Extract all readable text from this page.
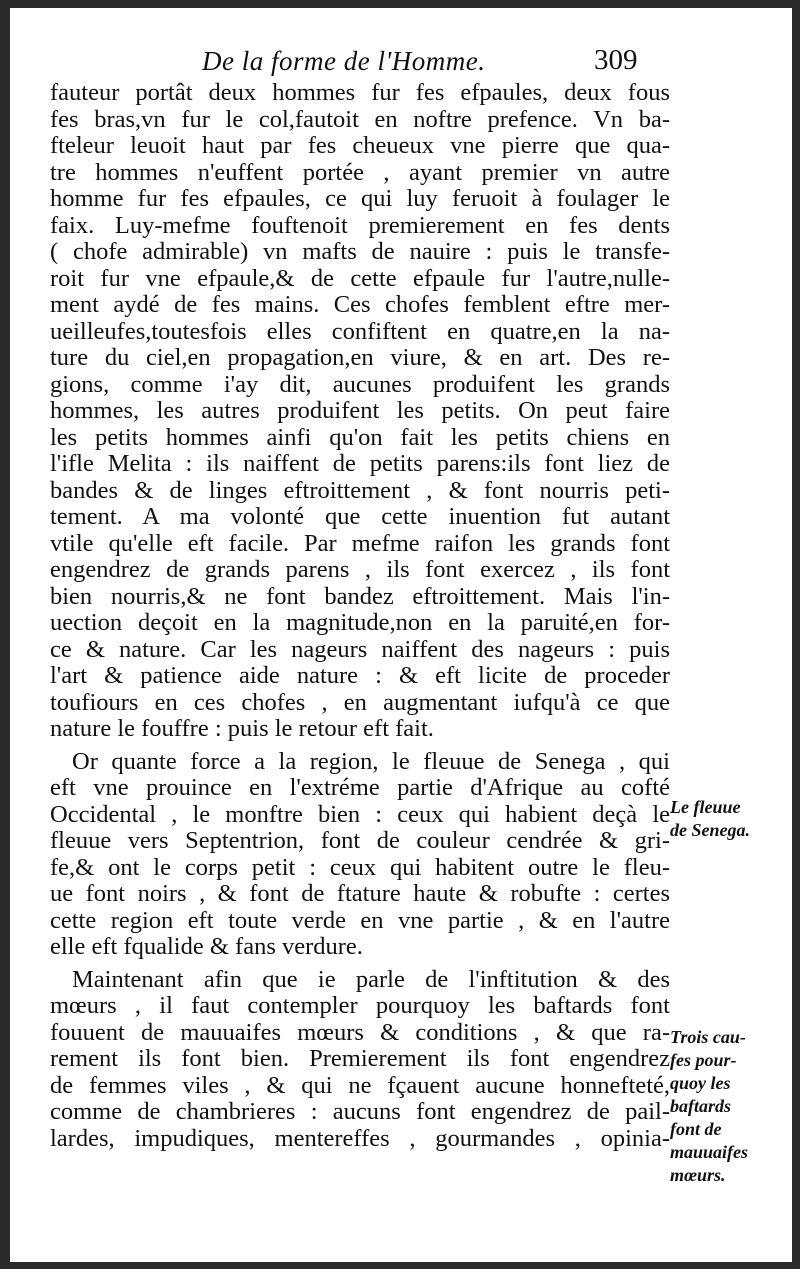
De la forme de l'Homme.	309
fauteur portât deux hommes fur fes efpaules, deux fous
fes bras,vn fur le col,fautoit en noftre prefence. Vn ba-
fteleur leuoit haut par fes cheueux vne pierre que qua-
tre hommes n'euffent portée , ayant premier vn autre
homme fur fes efpaules, ce qui luy feruoit à foulager le
faix. Luy-mefme fouftenoit premierement en fes dents
( chofe admirable) vn mafts de nauire : puis le transfe-
roit fur vne efpaule,& de cette efpaule fur l'autre,nulle-
ment aydé de fes mains. Ces chofes femblent eftre mer-
ueilleufes,toutesfois elles confiftent en quatre,en la na-
ture du ciel,en propagation,en viure, & en art. Des re-
gions, comme i'ay dit, aucunes produifent les grands
hommes, les autres produifent les petits. On peut faire
les petits hommes ainfi qu'on fait les petits chiens en
l'ifle Melita : ils naiffent de petits parens:ils font liez de
bandes & de linges eftroittement , & font nourris peti-
tement. A ma volonté que cette inuention fut autant
vtile qu'elle eft facile. Par mefme raifon les grands font
engendrez de grands parens , ils font exercez , ils font
bien nourris,& ne font bandez eftroittement. Mais l'in-
uection deçoit en la magnitude,non en la paruité,en for-
ce & nature. Car les nageurs naiffent des nageurs : puis
l'art & patience aide nature : & eft licite de proceder
toufiours en ces chofes , en augmentant iufqu'à ce que
nature le fouffre : puis le retour eft fait.
Or quante force a la region, le fleuue de Senega , qui
eft vne prouince en l'extréme partie d'Afrique au cofté
Occidental , le monftre bien : ceux qui habient deçà le
fleuue vers Septentrion, font de couleur cendrée & gri-
fe,& ont le corps petit : ceux qui habitent outre le fleu-
ue font noirs , & font de ftature haute & robufte : certes
cette region eft toute verde en vne partie , & en l'autre
elle eft fqualide & fans verdure.
Maintenant afin que ie parle de l'inftitution & des
mœurs , il faut contempler pourquoy les baftards font
fouuent de mauuaifes mœurs & conditions , & que ra-
rement ils font bien. Premierement ils font engendrez
de femmes viles , & qui ne fçauent aucune honnefteté,
comme de chambrieres : aucuns font engendrez de pail-
lardes, impudiques, mentereffes , gourmandes , opinia-
Le fleuue
de Senega.
Trois cau-
fes pour-
quoy les
baftards
font de
mauuaifes
mœurs.
